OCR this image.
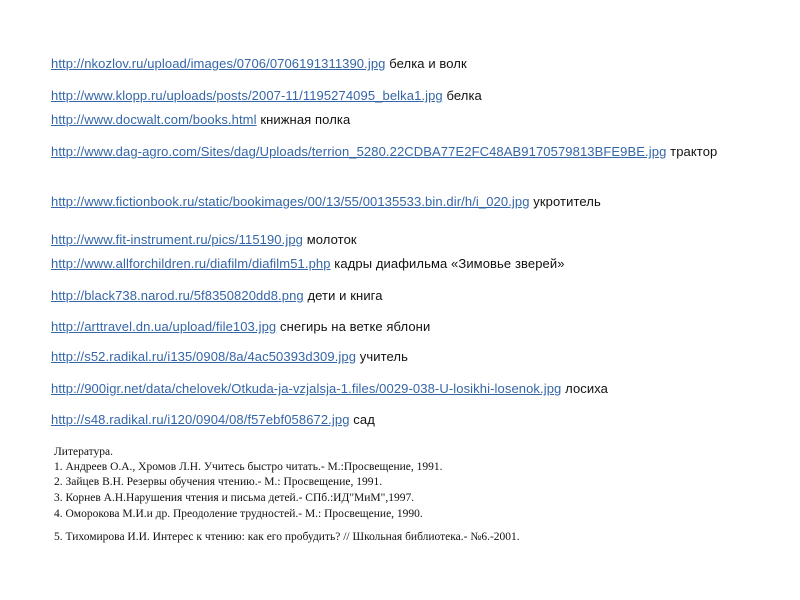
http://nkozlov.ru/upload/images/0706/0706191311390.jpg белка и волк
http://www.klopp.ru/uploads/posts/2007-11/1195274095_belka1.jpg белка
http://www.docwalt.com/books.html книжная полка
http://www.dag-agro.com/Sites/dag/Uploads/terrion_5280.22CDBA77E2FC48AB9170579813BFE9BE.jpg трактор
http://www.fictionbook.ru/static/bookimages/00/13/55/00135533.bin.dir/h/i_020.jpg укротитель
http://www.fit-instrument.ru/pics/115190.jpg молоток
http://www.allforchildren.ru/diafilm/diafilm51.php кадры диафильма «Зимовье зверей»
http://black738.narod.ru/5f8350820dd8.png дети и книга
http://arttravel.dn.ua/upload/file103.jpg снегирь на ветке яблони
http://s52.radikal.ru/i135/0908/8a/4ac50393d309.jpg учитель
http://900igr.net/data/chelovek/Otkuda-ja-vzjalsja-1.files/0029-038-U-losikhi-losenok.jpg лосиха
http://s48.radikal.ru/i120/0904/08/f57ebf058672.jpg сад
Литература.
1. Андреев О.А., Хромов Л.Н. Учитесь быстро читать.- М.:Просвещение, 1991.
2. Зайцев В.Н. Резервы обучения чтению.- М.: Просвещение, 1991.
3. Корнев А.Н.Нарушения чтения и письма детей.- СПб.:ИД"МиМ",1997.
4. Оморокова М.И.и др. Преодоление трудностей.- М.: Просвещение, 1990.
5. Тихомирова И.И. Интерес к чтению: как его пробудить? // Школьная библиотека.- №6.-2001.
